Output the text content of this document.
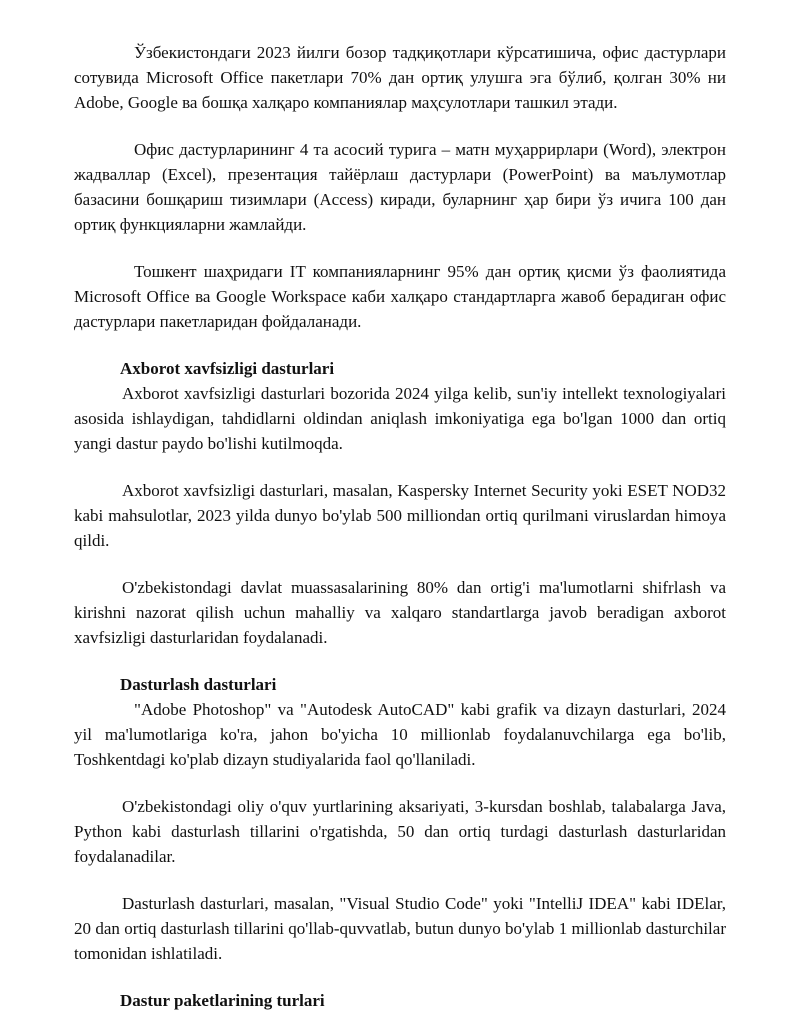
Ўзбекистондаги 2023 йилги бозор тадқиқотлари кўрсатишича, офис дастурлари сотувида Microsoft Office пакетлари 70% дан ортиқ улушга эга бўлиб, қолган 30% ни Adobe, Google ва бошқа халқаро компаниялар маҳсулотлари ташкил этади.

Офис дастурларининг 4 та асосий турига – матн муҳаррирлари (Word), электрон жадваллар (Excel), презентация тайёрлаш дастурлари (PowerPoint) ва маълумотлар базасини бошқариш тизимлари (Access) киради, буларнинг ҳар бири ўз ичига 100 дан ортиқ функцияларни жамлайди.

Тошкент шаҳридаги IT компанияларнинг 95% дан ортиқ қисми ўз фаолиятида Microsoft Office ва Google Workspace каби халқаро стандартларга жавоб берадиган офис дастурлари пакетларидан фойдаланади.

Axborot xavfsizligi dasturlari

Axborot xavfsizligi dasturlari bozorida 2024 yilga kelib, sun'iy intellekt texnologiyalari asosida ishlaydigan, tahdidlarni oldindan aniqlash imkoniyatiga ega bo'lgan 1000 dan ortiq yangi dastur paydo bo'lishi kutilmoqda.

Axborot xavfsizligi dasturlari, masalan, Kaspersky Internet Security yoki ESET NOD32 kabi mahsulotlar, 2023 yilda dunyo bo'ylab 500 milliondan ortiq qurilmani viruslardan himoya qildi.

O'zbekistondagi davlat muassasalarining 80% dan ortig'i ma'lumotlarni shifrlash va kirishni nazorat qilish uchun mahalliy va xalqaro standartlarga javob beradigan axborot xavfsizligi dasturlaridan foydalanadi.

Dasturlash dasturlari

"Adobe Photoshop" va "Autodesk AutoCAD" kabi grafik va dizayn dasturlari, 2024 yil ma'lumotlariga ko'ra, jahon bo'yicha 10 millionlab foydalanuvchilarga ega bo'lib, Toshkentdagi ko'plab dizayn studiyalarida faol qo'llaniladi.

O'zbekistondagi oliy o'quv yurtlarining aksariyati, 3-kursdan boshlab, talabalarga Java, Python kabi dasturlash tillarini o'rgatishda, 50 dan ortiq turdagi dasturlash dasturlaridan foydalanadilar.

Dasturlash dasturlari, masalan, "Visual Studio Code" yoki "IntelliJ IDEA" kabi IDElar, 20 dan ortiq dasturlash tillarini qo'llab-quvvatlab, butun dunyo bo'ylab 1 millionlab dasturchilar tomonidan ishlatiladi.

Dastur paketlarining turlari
